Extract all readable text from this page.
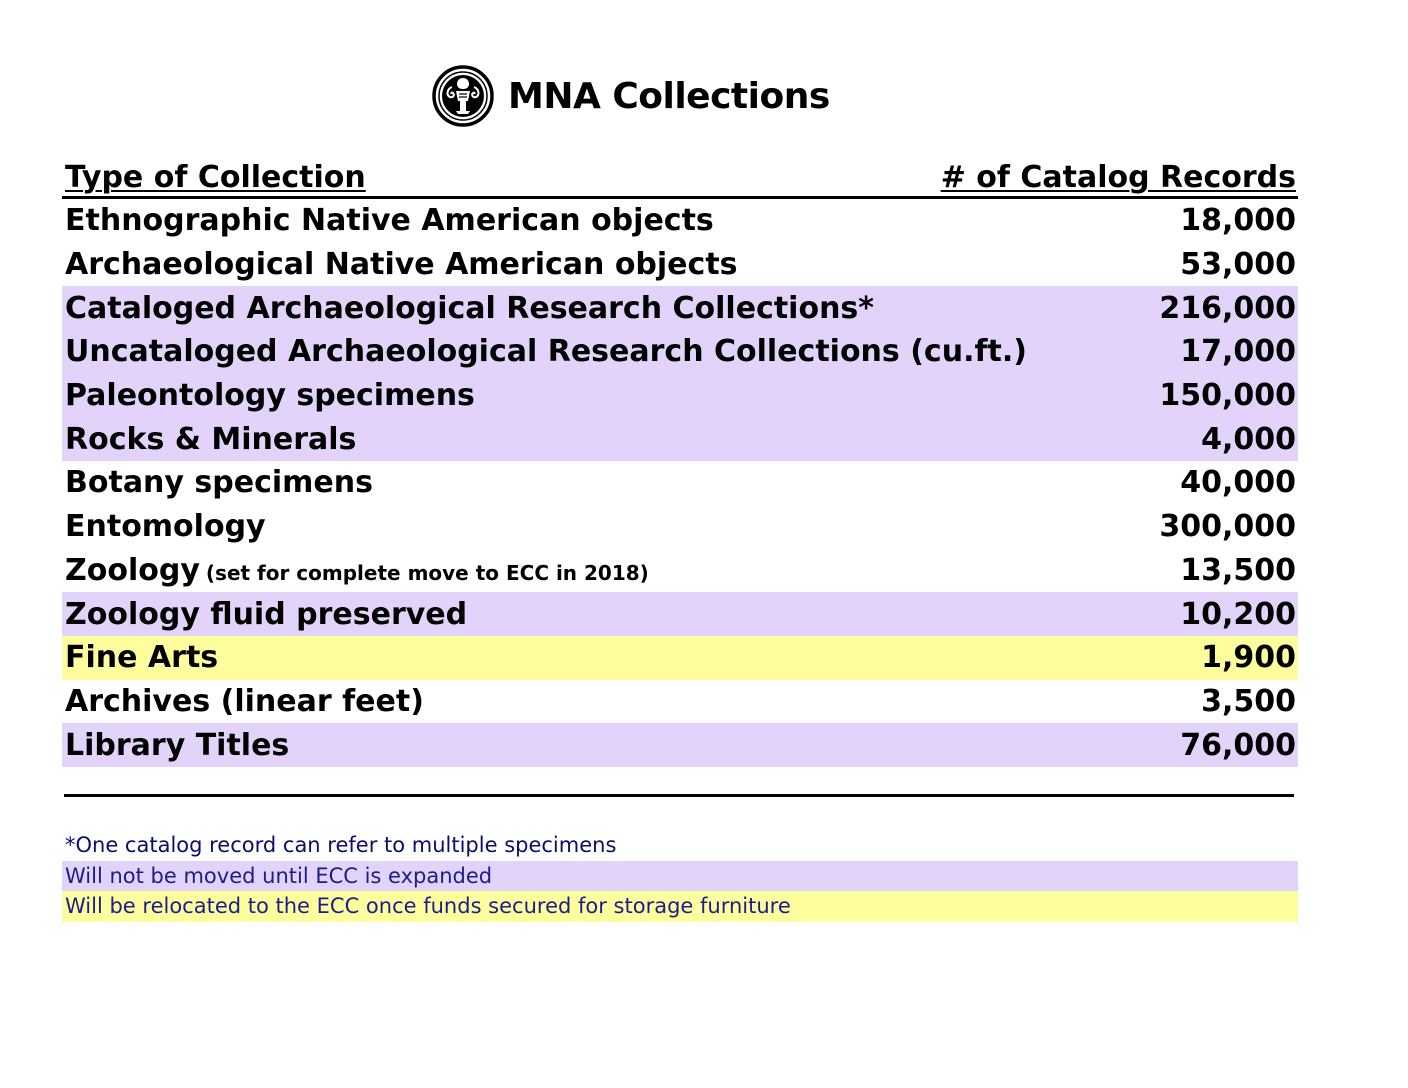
MNA Collections
Type of Collection	# of Catalog Records
Ethnographic Native American objects	18,000
Archaeological Native American objects	53,000
Cataloged Archaeological Research Collections*	216,000
Uncataloged Archaeological Research Collections (cu.ft.)	17,000
Paleontology specimens	150,000
Rocks & Minerals	4,000
Botany specimens	40,000
Entomology	300,000
Zoology (set for complete move to ECC in 2018)	13,500
Zoology fluid preserved	10,200
Fine Arts	1,900
Archives (linear feet)	3,500
Library Titles	76,000
*One catalog record can refer to multiple specimens
Will not be moved until ECC is expanded
Will be relocated to the ECC once funds secured for storage furniture
